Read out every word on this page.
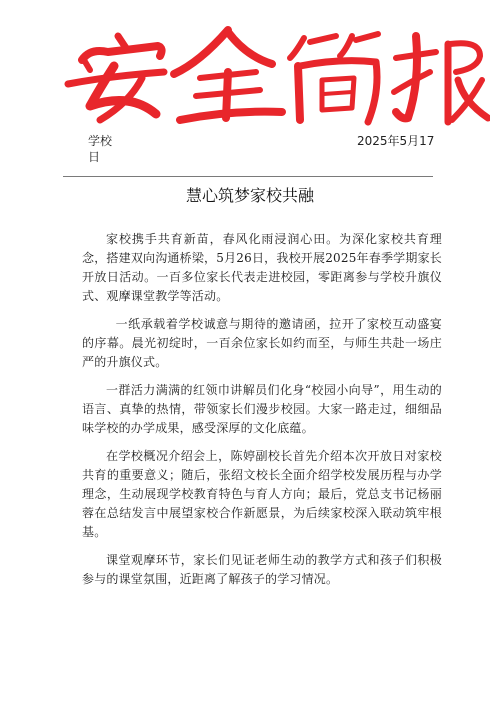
学校日
2025年5月17
慧心筑梦家校共融

家校携手共育新苗，春风化雨浸润心田。为深化家校共育理念，搭建双向沟通桥梁，5月26日，我校开展2025年春季学期家长开放日活动。一百多位家长代表走进校园，零距离参与学校升旗仪式、观摩课堂教学等活动。

一纸承载着学校诚意与期待的邀请函，拉开了家校互动盛宴的序幕。晨光初绽时，一百余位家长如约而至，与师生共赴一场庄严的升旗仪式。

一群活力满满的红领巾讲解员们化身“校园小向导”，用生动的语言、真挚的热情，带领家长们漫步校园。大家一路走过，细细品味学校的办学成果，感受深厚的文化底蕴。

在学校概况介绍会上，陈婷副校长首先介绍本次开放日对家校共育的重要意义；随后，张绍文校长全面介绍学校发展历程与办学理念，生动展现学校教育特色与育人方向；最后，党总支书记杨丽蓉在总结发言中展望家校合作新愿景，为后续家校深入联动筑牢根基。

课堂观摩环节，家长们见证老师生动的教学方式和孩子们积极参与的课堂氛围，近距离了解孩子的学习情况。
